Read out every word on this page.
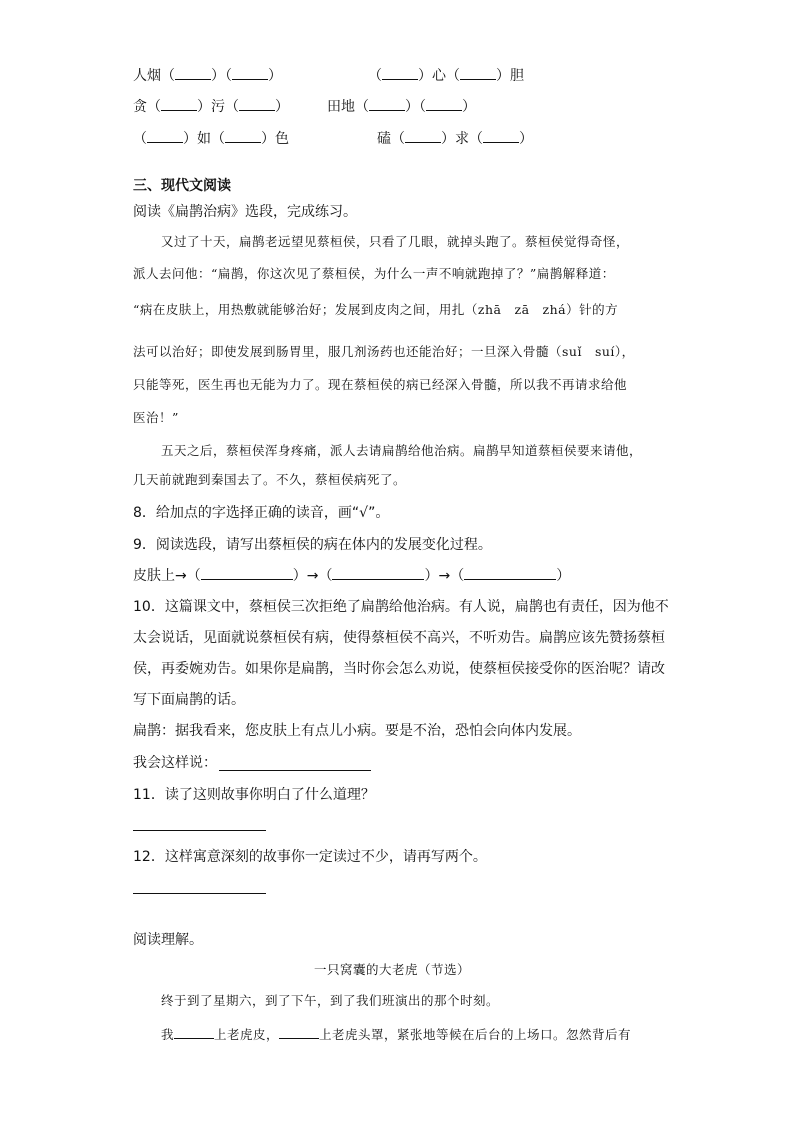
人烟（	）（	）	（	）心（	）胆
贪（	）污（	）	田地（	）（	）
（	）如（	）色	磕（	）求（	）
三、现代文阅读
阅读《扁鹊治病》选段，完成练习。
又过了十天，扁鹊老远望见蔡桓侯，只看了几眼，就掉头跑了。蔡桓侯觉得奇怪，
派人去问他：“扁鹊，你这次见了蔡桓侯，为什么一声不响就跑掉了？”扁鹊解释道：
“病在皮肤上，用热敷就能够治好；发展到皮肉之间，用扎（zhā　zā　zhá）针的方
法可以治好；即使发展到肠胃里，服几剂汤药也还能治好；一旦深入骨髓（suǐ　suí），
只能等死，医生再也无能为力了。现在蔡桓侯的病已经深入骨髓，所以我不再请求给他
医治！”
五天之后，蔡桓侯浑身疼痛，派人去请扁鹊给他治病。扁鹊早知道蔡桓侯要来请他，
几天前就跑到秦国去了。不久，蔡桓侯病死了。
8．给加点的字选择正确的读音，画“√”。
9．阅读选段，请写出蔡桓侯的病在体内的发展变化过程。
皮肤上→（	）→（	）→（	）
10．这篇课文中，蔡桓侯三次拒绝了扁鹊给他治病。有人说，扁鹊也有责任，因为他不
太会说话，见面就说蔡桓侯有病，使得蔡桓侯不高兴，不听劝告。扁鹊应该先赞扬蔡桓
侯，再委婉劝告。如果你是扁鹊，当时你会怎么劝说，使蔡桓侯接受你的医治呢？请改
写下面扁鹊的话。
扁鹊：据我看来，您皮肤上有点儿小病。要是不治，恐怕会向体内发展。
我会这样说：
11．读了这则故事你明白了什么道理？
12．这样寓意深刻的故事你一定读过不少，请再写两个。
阅读理解。
一只窝囊的大老虎（节选）
终于到了星期六，到了下午，到了我们班演出的那个时刻。
我	上老虎皮，	上老虎头罩，紧张地等候在后台的上场口。忽然背后有
